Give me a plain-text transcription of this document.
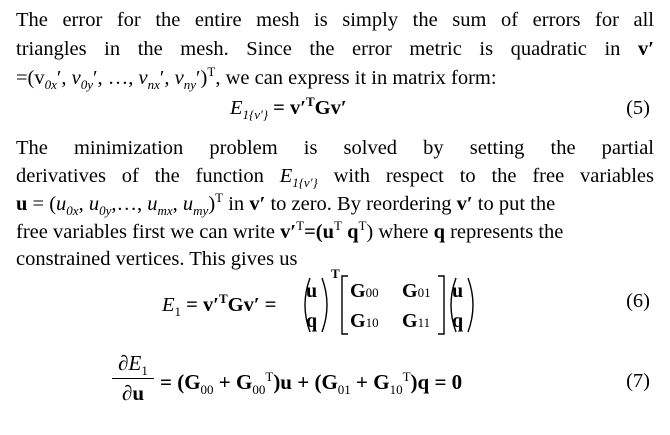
The error for the entire mesh is simply the sum of errors for all
triangles in the mesh. Since the error metric is quadratic in v′
$=(v_{0x}'$, $v_{0y}'$, …, $v_{nx}'$, $v_{ny}')^T$, we can express it in matrix form:
$E_{1\{v'\}} = v'^TGv'$	(5)
The minimization problem is solved by setting the partial
derivatives of the function $E_{1\{v'\}}$ with respect to the free variables
$u = (u_{0x}$, $u_{0y},\dots$, $u_{mx}$, $u_{my})^T$ in v′ to zero. By reordering v′ to put the
free variables first we can write $v'^T=(u^T$ $q^T$) where q represents the
constrained vertices. This gives us
$E_1 = v'^TGv'$ =
u
q
T
G00 G01
G10 G11
u
q
(6)
$\partial E_1$
$\partial u = (G_{00} + G_{00}^T)u + (G_{01} + G_{10}^T)q = 0$	(7)
